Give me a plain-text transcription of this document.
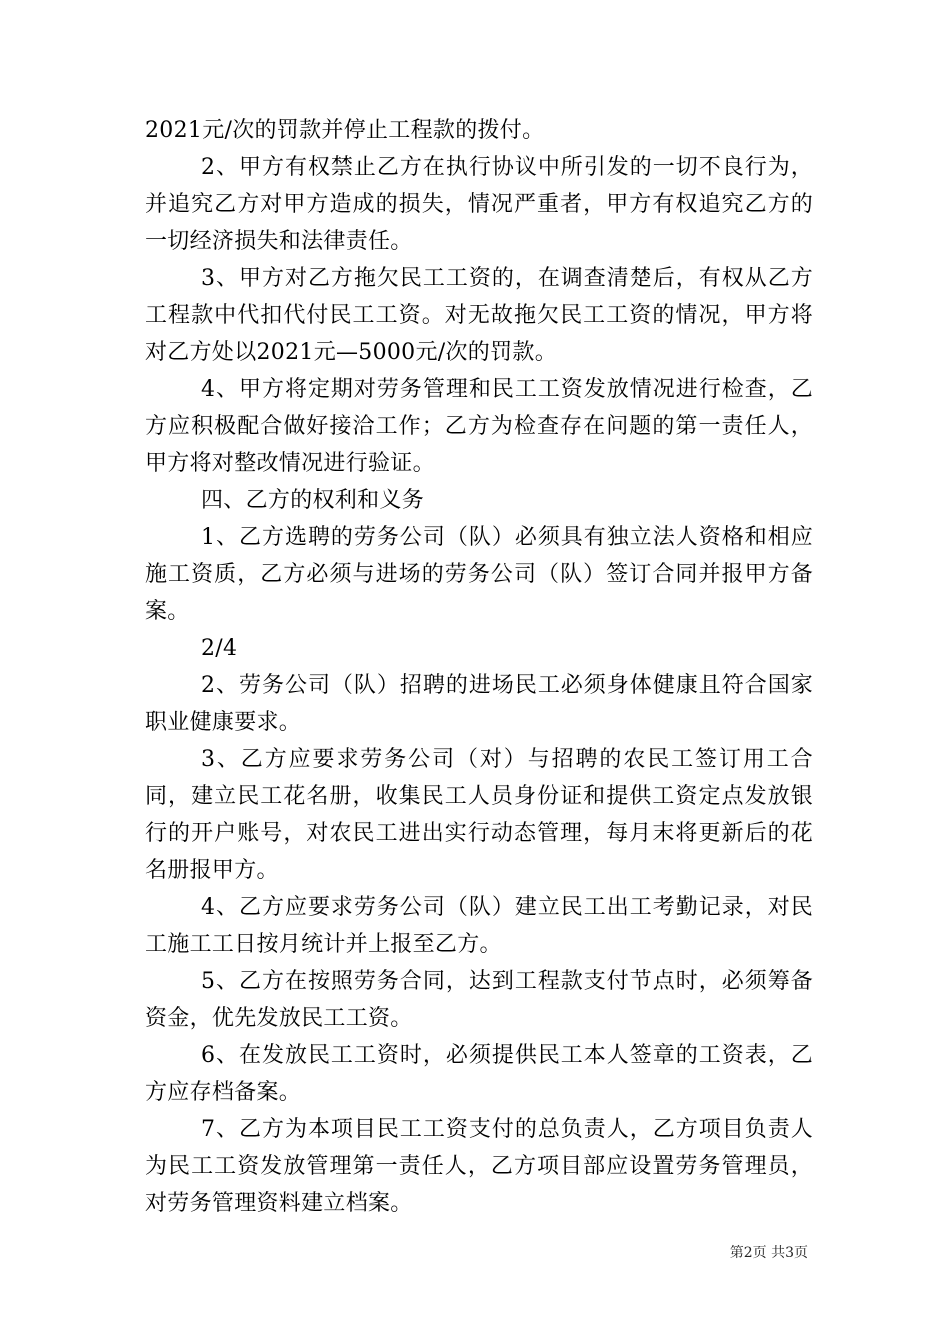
2021元/次的罚款并停止工程款的拨付。

2、甲方有权禁止乙方在执行协议中所引发的一切不良行为，并追究乙方对甲方造成的损失，情况严重者，甲方有权追究乙方的一切经济损失和法律责任。

3、甲方对乙方拖欠民工工资的，在调查清楚后，有权从乙方工程款中代扣代付民工工资。对无故拖欠民工工资的情况，甲方将对乙方处以2021元—5000元/次的罚款。

4、甲方将定期对劳务管理和民工工资发放情况进行检查，乙方应积极配合做好接洽工作；乙方为检查存在问题的第一责任人，甲方将对整改情况进行验证。

四、乙方的权利和义务

1、乙方选聘的劳务公司（队）必须具有独立法人资格和相应施工资质，乙方必须与进场的劳务公司（队）签订合同并报甲方备案。

2/4

2、劳务公司（队）招聘的进场民工必须身体健康且符合国家职业健康要求。

3、乙方应要求劳务公司（对）与招聘的农民工签订用工合同，建立民工花名册，收集民工人员身份证和提供工资定点发放银行的开户账号，对农民工进出实行动态管理，每月末将更新后的花名册报甲方。

4、乙方应要求劳务公司（队）建立民工出工考勤记录，对民工施工工日按月统计并上报至乙方。

5、乙方在按照劳务合同，达到工程款支付节点时，必须筹备资金，优先发放民工工资。

6、在发放民工工资时，必须提供民工本人签章的工资表，乙方应存档备案。

7、乙方为本项目民工工资支付的总负责人，乙方项目负责人为民工工资发放管理第一责任人，乙方项目部应设置劳务管理员，对劳务管理资料建立档案。

第2页 共3页
